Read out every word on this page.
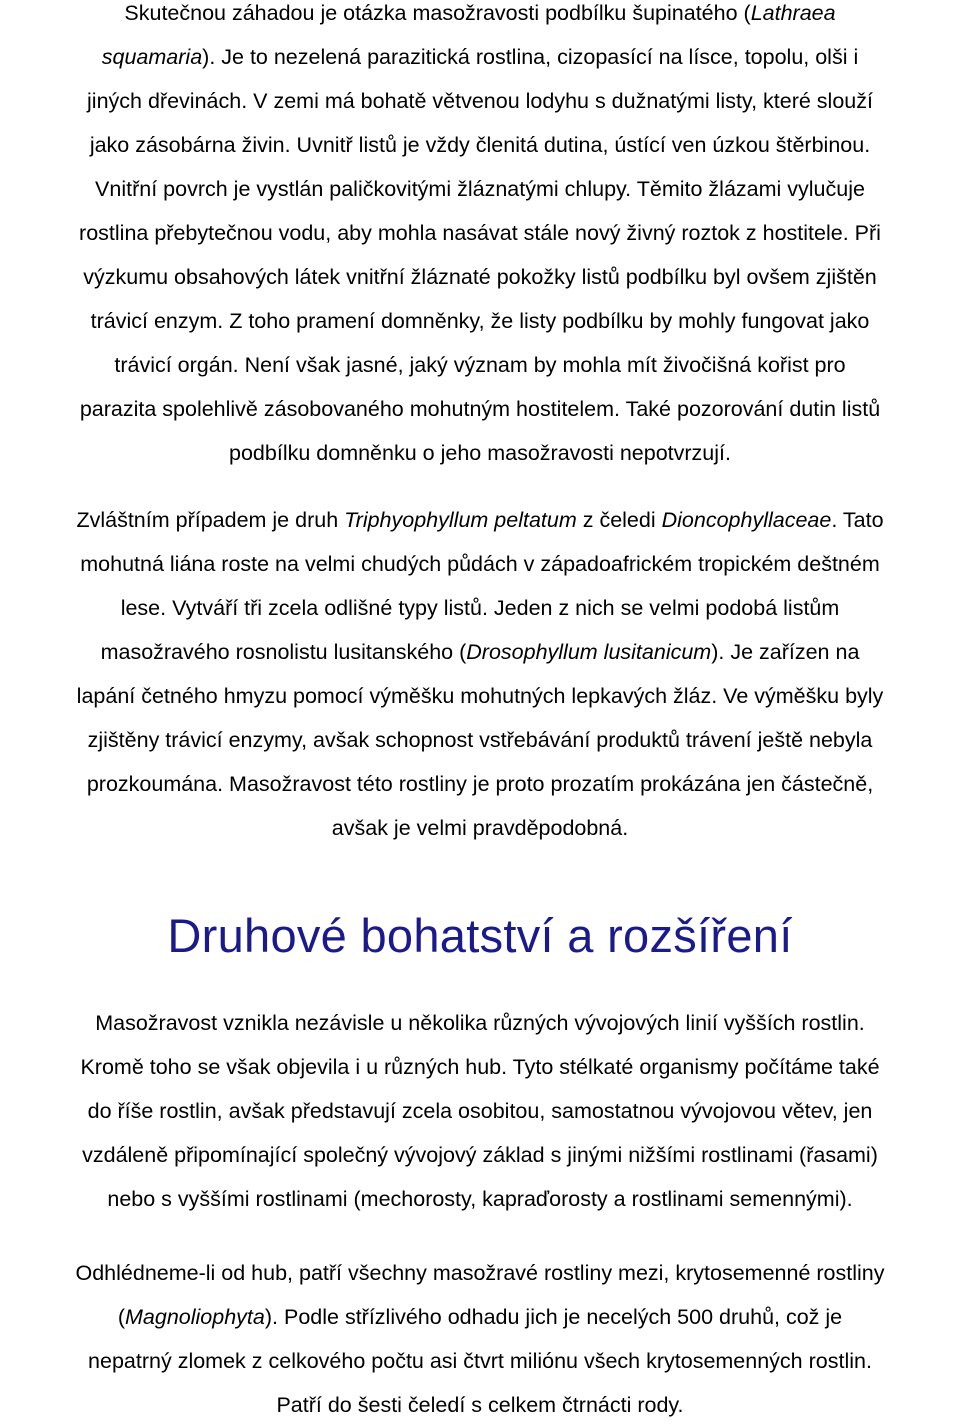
Skutečnou záhadou je otázka masožravosti podbílku šupinatého (Lathraea
squamaria). Je to nezelená parazitická rostlina, cizopasící na lísce, topolu, olši i
jiných dřevinách. V zemi má bohatě větvenou lodyhu s dužnatými listy, které slouží
jako zásobárna živin. Uvnitř listů je vždy členitá dutina, ústící ven úzkou štěrbinou.
Vnitřní povrch je vystlán paličkovitými žláznatými chlupy. Těmito žlázami vylučuje
rostlina přebytečnou vodu, aby mohla nasávat stále nový živný roztok z hostitele. Při
výzkumu obsahových látek vnitřní žláznaté pokožky listů podbílku byl ovšem zjištěn
trávicí enzym. Z toho pramení domněnky, že listy podbílku by mohly fungovat jako
trávicí orgán. Není však jasné, jaký význam by mohla mít živočišná kořist pro
parazita spolehlivě zásobovaného mohutným hostitelem. Také pozorování dutin listů
podbílku domněnku o jeho masožravosti nepotvrzují.
Zvláštním případem je druh Triphyophyllum peltatum z čeledi Dioncophyllaceae. Tato
mohutná liána roste na velmi chudých půdách v západoafrickém tropickém deštném
lese. Vytváří tři zcela odlišné typy listů. Jeden z nich se velmi podobá listům
masožravého rosnolistu lusitanského (Drosophyllum lusitanicum). Je zařízen na
lapání četného hmyzu pomocí výměšku mohutných lepkavých žláz. Ve výměšku byly
zjištěny trávicí enzymy, avšak schopnost vstřebávání produktů trávení ještě nebyla
prozkoumána. Masožravost této rostliny je proto prozatím prokázána jen částečně,
avšak je velmi pravděpodobná.
Druhové bohatství a rozšíření
Masožravost vznikla nezávisle u několika různých vývojových linií vyšších rostlin.
Kromě toho se však objevila i u různých hub. Tyto stélkaté organismy počítáme také
do říše rostlin, avšak představují zcela osobitou, samostatnou vývojovou větev, jen
vzdáleně připomínající společný vývojový základ s jinými nižšími rostlinami (řasami)
nebo s vyššími rostlinami (mechorosty, kapraďorosty a rostlinami semennými).
Odhlédneme-li od hub, patří všechny masožravé rostliny mezi, krytosemenné rostliny
(Magnoliophyta). Podle střízlivého odhadu jich je necelých 500 druhů, což je
nepatrný zlomek z celkového počtu asi čtvrt miliónu všech krytosemenných rostlin.
Patří do šesti čeledí s celkem čtrnácti rody.
